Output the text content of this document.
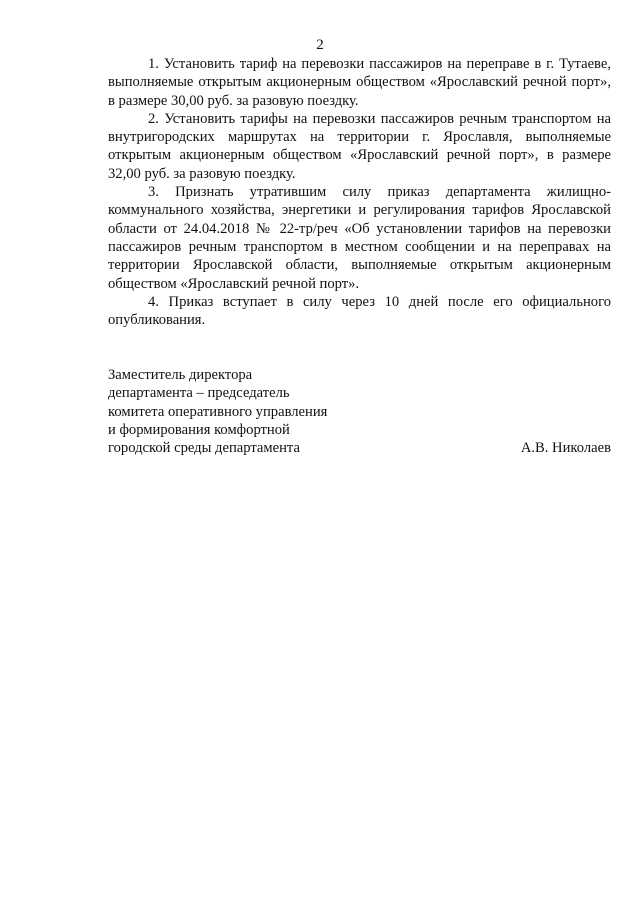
2

1. Установить тариф на перевозки пассажиров на переправе в г. Тутаеве, выполняемые открытым акционерным обществом «Ярославский речной порт», в размере 30,00 руб. за разовую поездку.

2. Установить тарифы на перевозки пассажиров речным транспортом на внутригородских маршрутах на территории г. Ярославля, выполняемые открытым акционерным обществом «Ярославский речной порт», в размере 32,00 руб. за разовую поездку.

3. Признать утратившим силу приказ департамента жилищно-коммунального хозяйства, энергетики и регулирования тарифов Ярославской области от 24.04.2018 № 22-тр/реч «Об установлении тарифов на перевозки пассажиров речным транспортом в местном сообщении и на переправах на территории Ярославской области, выполняемые открытым акционерным обществом «Ярославский речной порт».

4. Приказ вступает в силу через 10 дней после его официального опубликования.

Заместитель директора
департамента – председатель
комитета оперативного управления
и формирования комфортной
городской среды департамента	А.В. Николаев
